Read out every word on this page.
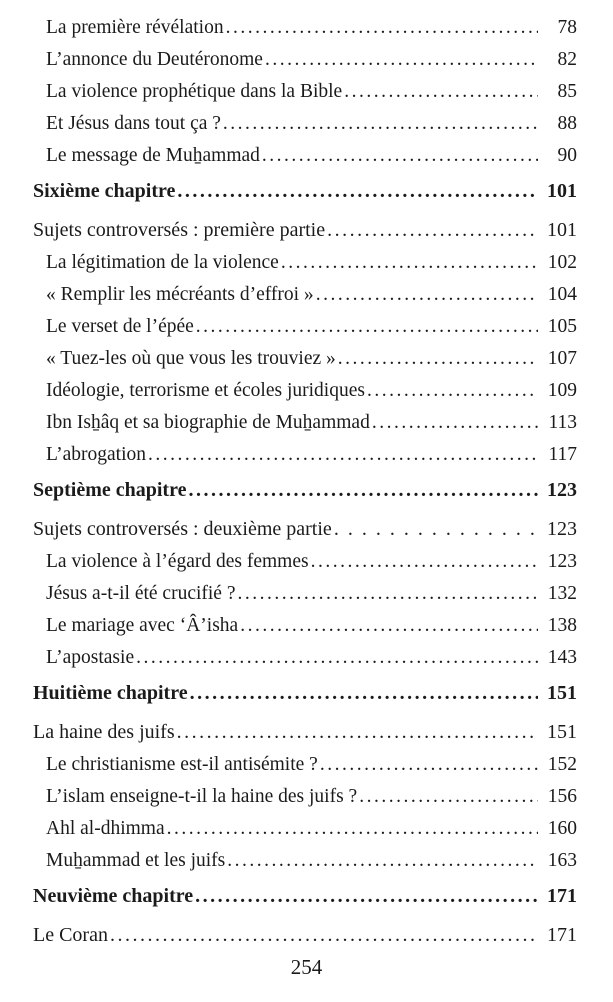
La première révélation .....	78
L’annonce du Deutéronome .....	82
La violence prophétique dans la Bible .....	85
Et Jésus dans tout ça ? .....	88
Le message de Muẖammad .....	90
Sixième chapitre .....	101
Sujets controversés : première partie .....	101
La légitimation de la violence .....	102
« Remplir les mécréants d’effroi » .....	104
Le verset de l’épée .....	105
« Tuez-les où que vous les trouviez » .....	107
Idéologie, terrorisme et écoles juridiques .....	109
Ibn Isẖâq et sa biographie de Muẖammad .....	113
L’abrogation .....	117
Septième chapitre .....	123
Sujets controversés : deuxième partie .....	123
La violence à l’égard des femmes .....	123
Jésus a-t-il été crucifié ? .....	132
Le mariage avec ‘Â’isha .....	138
L’apostasie .....	143
Huitième chapitre .....	151
La haine des juifs .....	151
Le christianisme est-il antisémite ? .....	152
L’islam enseigne-t-il la haine des juifs ? .....	156
Ahl al-dhimma .....	160
Muẖammad et les juifs .....	163
Neuvième chapitre .....	171
Le Coran .....	171
254
